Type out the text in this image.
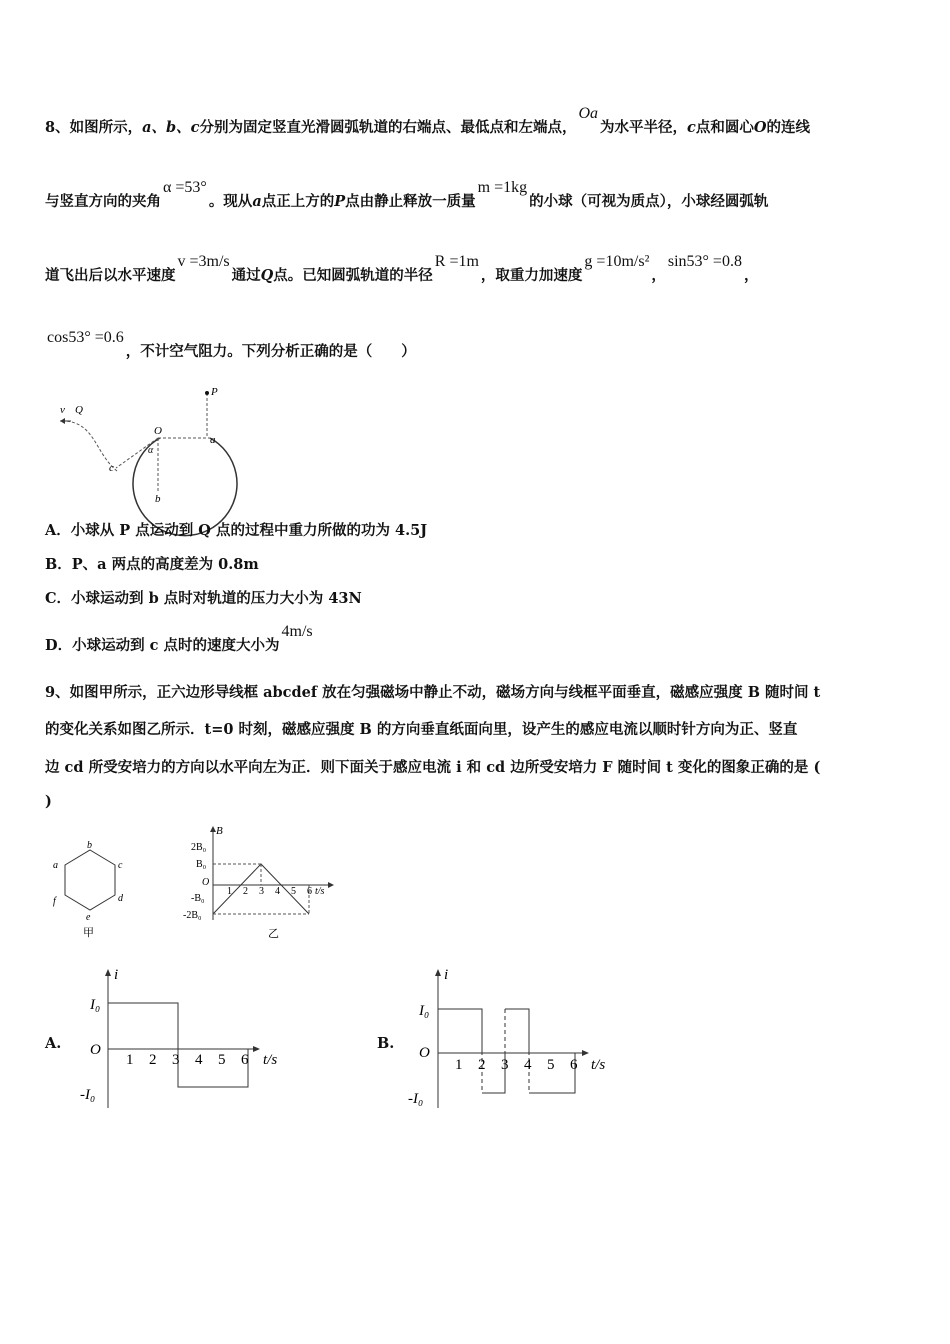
8、如图所示，a、b、c分别为固定竖直光滑圆弧轨道的右端点、最低点和左端点，Oa为水平半径，c点和圆心O的连线
与竖直方向的夹角α =53°。现从a点正上方的P点由静止释放一质量m =1kg的小球（可视为质点），小球经圆弧轨
道飞出后以水平速度v =3m/s通过Q点。已知圆弧轨道的半径R =1m，取重力加速度g =10m/s²，sin53° =0.8，
cos53° =0.6，不计空气阻力。下列分析正确的是（　　）
v Q
P
O
a
α
c
b
A．小球从 P 点运动到 Q 点的过程中重力所做的功为 4.5J
B．P、a 两点的高度差为 0.8m
C．小球运动到 b 点时对轨道的压力大小为 43N
D．小球运动到 c 点时的速度大小为4m/s
9、如图甲所示，正六边形导线框 abcdef 放在匀强磁场中静止不动，磁场方向与线框平面垂直，磁感应强度 B 随时间 t
的变化关系如图乙所示．t=0 时刻，磁感应强度 B 的方向垂直纸面向里，设产生的感应电流以顺时针方向为正、竖直
边 cd 所受安培力的方向以水平向左为正．则下面关于感应电流 i 和 cd 边所受安培力 F 随时间 t 变化的图象正确的是 (
)
b
c
d
e
f
a
甲
B
2B₀
B₀
O
-B₀
-2B₀
1 2 3 4 5 6 t/s
乙
A.
i
I₀
O
-I₀
1 2 3 4 5 6 t/s
B.
i
I₀
O
-I₀
1 2 3 4 5 6 t/s
